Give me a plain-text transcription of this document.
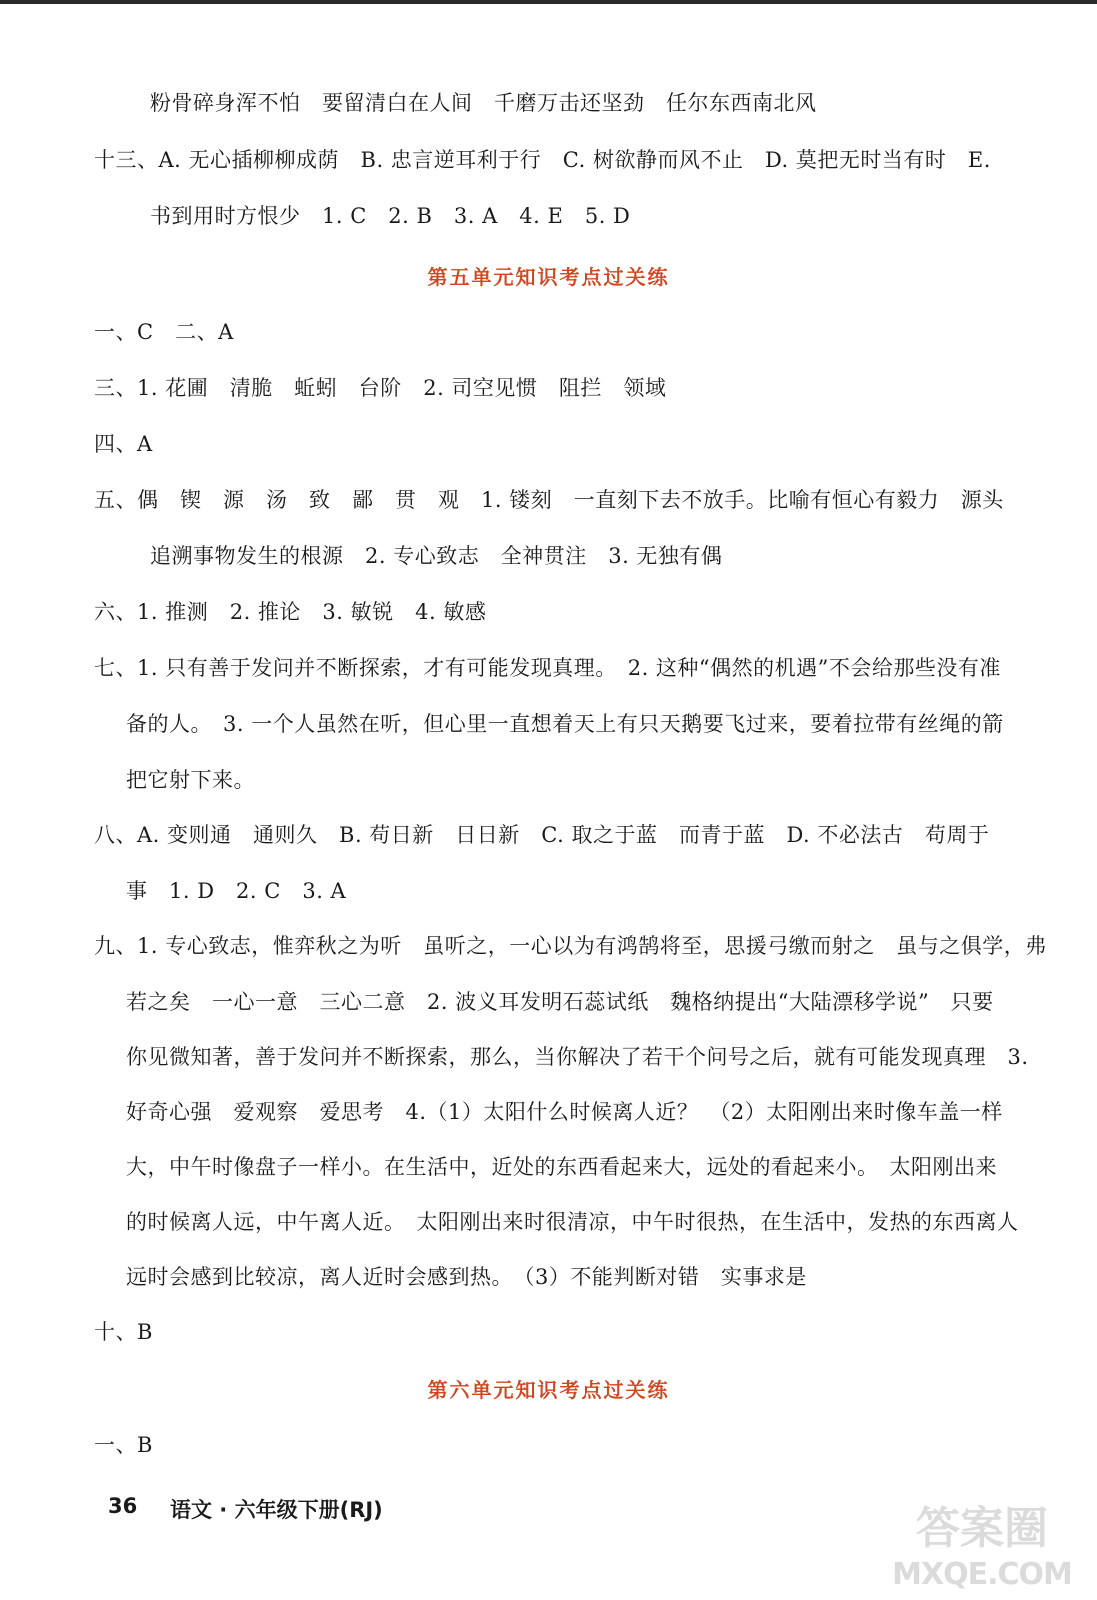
粉骨碎身浑不怕　要留清白在人间　千磨万击还坚劲　任尔东西南北风
十三、A. 无心插柳柳成荫　B. 忠言逆耳利于行　C. 树欲静而风不止　D. 莫把无时当有时　E.
书到用时方恨少　1. C　2. B　3. A　4. E　5. D
第五单元知识考点过关练
一、C　二、A
三、1. 花圃　清脆　蚯蚓　台阶　2. 司空见惯　阻拦　领域
四、A
五、偶　锲　源　汤　致　鄙　贯　观　1. 镂刻　一直刻下去不放手。比喻有恒心有毅力　源头
追溯事物发生的根源　2. 专心致志　全神贯注　3. 无独有偶
六、1. 推测　2. 推论　3. 敏锐　4. 敏感
七、1. 只有善于发问并不断探索，才有可能发现真理。　2. 这种“偶然的机遇”不会给那些没有准
备的人。　3. 一个人虽然在听，但心里一直想着天上有只天鹅要飞过来，要着拉带有丝绳的箭
把它射下来。
八、A. 变则通　通则久　B. 苟日新　日日新　C. 取之于蓝　而青于蓝　D. 不必法古　苟周于
事　1. D　2. C　3. A
九、1. 专心致志，惟弈秋之为听　虽听之，一心以为有鸿鹄将至，思援弓缴而射之　虽与之俱学，弗
若之矣　一心一意　三心二意　2. 波义耳发明石蕊试纸　魏格纳提出“大陆漂移学说”　只要
你见微知著，善于发问并不断探索，那么，当你解决了若干个问号之后，就有可能发现真理　3.
好奇心强　爱观察　爱思考　4.（1）太阳什么时候离人近？　（2）太阳刚出来时像车盖一样
大，中午时像盘子一样小。在生活中，近处的东西看起来大，远处的看起来小。　太阳刚出来
的时候离人远，中午离人近。　太阳刚出来时很清凉，中午时很热，在生活中，发热的东西离人
远时会感到比较凉，离人近时会感到热。　（3）不能判断对错　实事求是
十、B
第六单元知识考点过关练
一、B
36 语文 · 六年级下册(RJ)	答案圈
MXQE.COM
